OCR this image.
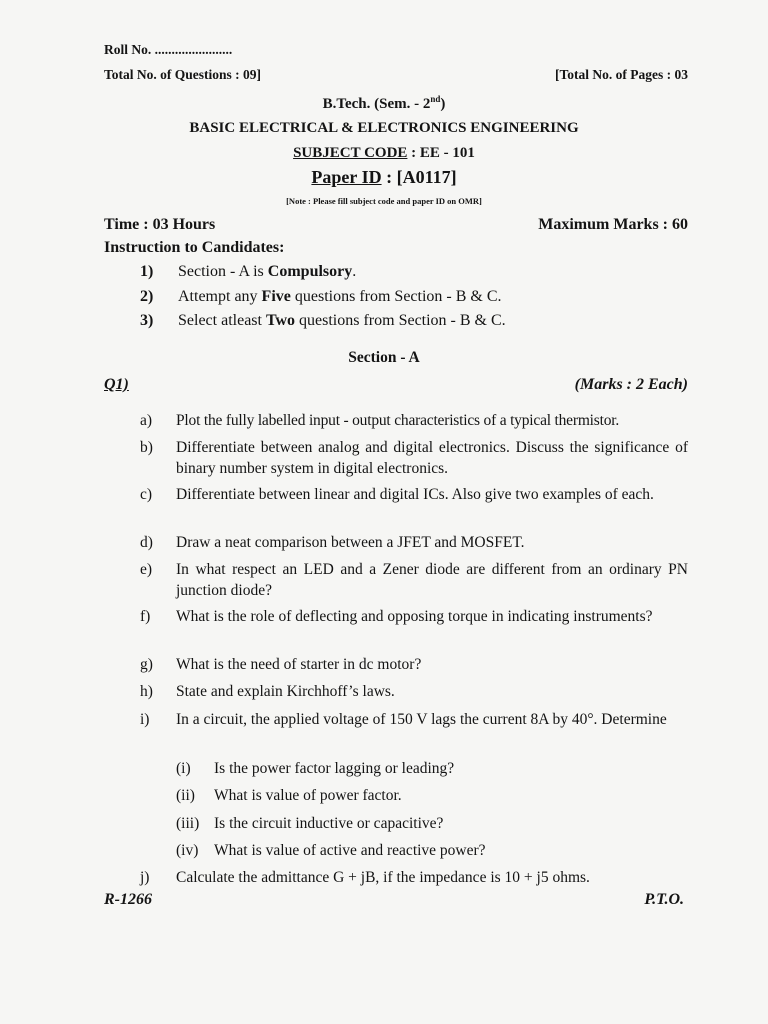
Roll No. .......................
Total No. of Questions : 09]	[Total No. of Pages : 03
B.Tech. (Sem. - 2nd)
BASIC ELECTRICAL & ELECTRONICS ENGINEERING
SUBJECT CODE : EE - 101
Paper ID : [A0117]
[Note : Please fill subject code and paper ID on OMR]
Time : 03 Hours	Maximum Marks : 60
Instruction to Candidates:
1) Section - A is Compulsory.
2) Attempt any Five questions from Section - B & C.
3) Select atleast Two questions from Section - B & C.
Section - A
Q1)	(Marks : 2 Each)
a) Plot the fully labelled input - output characteristics of a typical thermistor.
b) Differentiate between analog and digital electronics. Discuss the significance of binary number system in digital electronics.
c) Differentiate between linear and digital ICs. Also give two examples of each.
d) Draw a neat comparison between a JFET and MOSFET.
e) In what respect an LED and a Zener diode are different from an ordinary PN junction diode?
f) What is the role of deflecting and opposing torque in indicating instruments?
g) What is the need of starter in dc motor?
h) State and explain Kirchhoff’s laws.
i) In a circuit, the applied voltage of 150 V lags the current 8A by 40°. Determine
(i) Is the power factor lagging or leading?
(ii) What is value of power factor.
(iii) Is the circuit inductive or capacitive?
(iv) What is value of active and reactive power?
j) Calculate the admittance G + jB, if the impedance is 10 + j5 ohms.
R-1266	P.T.O.
